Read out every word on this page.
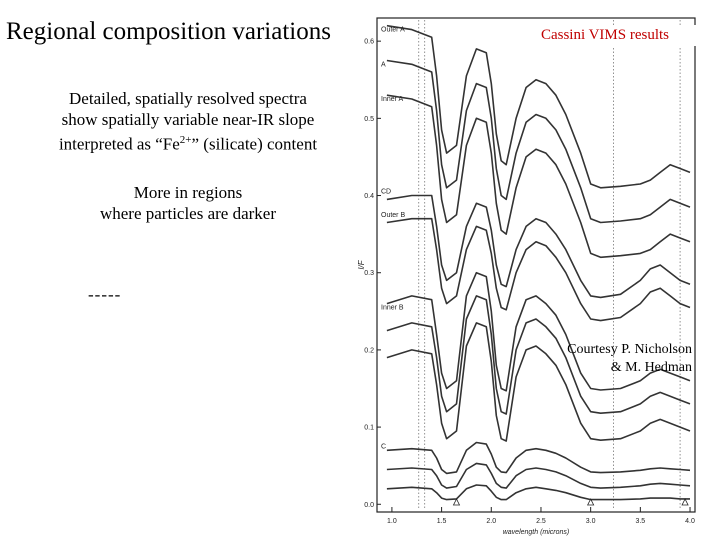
Regional composition variations
Detailed, spatially resolved spectra
show spatially variable near-IR slope
interpreted as “$Fe^{2+}$” (silicate) content
More in regions
where particles are darker
-----
1.0	1.5	2.0	2.5	3.0	3.5	4.0
0.0
0.1
0.2
0.3
0.4
0.5
0.6
wavelength (microns)
I/F
Outer A
A
Inner A
CD
Outer B
Inner B
C
Cassini VIMS results
Courtesy P. Nicholson
& M. Hedman
